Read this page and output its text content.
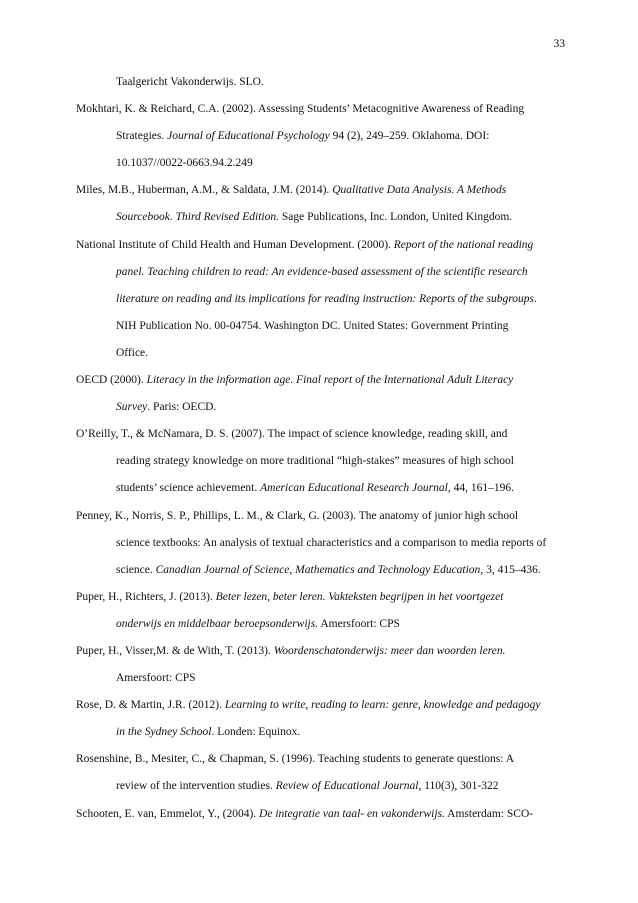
33
Taalgericht Vakonderwijs. SLO.
Mokhtari, K. & Reichard, C.A. (2002). Assessing Students’ Metacognitive Awareness of Reading
Strategies. Journal of Educational Psychology 94 (2), 249–259. Oklahoma. DOI:
10.1037//0022-0663.94.2.249
Miles, M.B., Huberman, A.M., & Saldata, J.M. (2014). Qualitative Data Analysis. A Methods
Sourcebook. Third Revised Edition. Sage Publications, Inc. London, United Kingdom.
National Institute of Child Health and Human Development. (2000). Report of the national reading
panel. Teaching children to read: An evidence-based assessment of the scientific research
literature on reading and its implications for reading instruction: Reports of the subgroups.
NIH Publication No. 00-04754. Washington DC. United States: Government Printing
Office.
OECD (2000). Literacy in the information age. Final report of the International Adult Literacy
Survey. Paris: OECD.
O’Reilly, T., & McNamara, D. S. (2007). The impact of science knowledge, reading skill, and
reading strategy knowledge on more traditional “high-stakes” measures of high school
students’ science achievement. American Educational Research Journal, 44, 161–196.
Penney, K., Norris, S. P., Phillips, L. M., & Clark, G. (2003). The anatomy of junior high school
science textbooks: An analysis of textual characteristics and a comparison to media reports of
science. Canadian Journal of Science, Mathematics and Technology Education, 3, 415–436.
Puper, H., Richters, J. (2013). Beter lezen, beter leren. Vakteksten begrijpen in het voortgezet
onderwijs en middelbaar beroepsonderwijs. Amersfoort: CPS
Puper, H., Visser,M. & de With, T. (2013). Woordenschatonderwijs: meer dan woorden leren.
Amersfoort: CPS
Rose, D. & Martin, J.R. (2012). Learning to write, reading to learn: genre, knowledge and pedagogy
in the Sydney School. Londen: Equinox.
Rosenshine, B., Mesiter, C., & Chapman, S. (1996). Teaching students to generate questions: A
review of the intervention studies. Review of Educational Journal, 110(3), 301-322
Schooten, E. van, Emmelot, Y., (2004). De integratie van taal- en vakonderwijs. Amsterdam: SCO-
